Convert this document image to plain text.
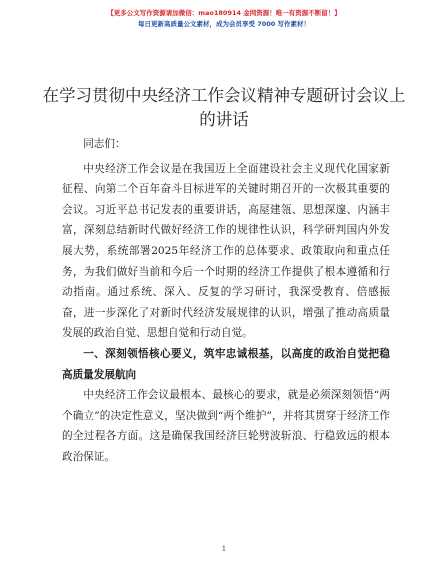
【更多公文写作资源请加微信：mao180914 金网资源！唯一有资源不断留！】
每日更新高质量公文素材，成为会员享受 7000 写作素材！
在学习贯彻中央经济工作会议精神专题研讨会议上的讲话

同志们：

中央经济工作会议是在我国迈上全面建设社会主义现代化国家新征程、向第二个百年奋斗目标进军的关键时期召开的一次极其重要的会议。习近平总书记发表的重要讲话，高屋建瓴、思想深邃、内涵丰富，深刻总结新时代做好经济工作的规律性认识，科学研判国内外发展大势，系统部署2025年经济工作的总体要求、政策取向和重点任务，为我们做好当前和今后一个时期的经济工作提供了根本遵循和行动指南。通过系统、深入、反复的学习研讨，我深受教育、倍感振奋，进一步深化了对新时代经济发展规律的认识，增强了推动高质量发展的政治自觉、思想自觉和行动自觉。

一、深刻领悟核心要义，筑牢忠诚根基，以高度的政治自觉把稳高质量发展航向

中央经济工作会议最根本、最核心的要求，就是必须深刻领悟“两个确立”的决定性意义，坚决做到“两个维护”，并将其贯穿于经济工作的全过程各方面。这是确保我国经济巨轮劈波斩浪、行稳致远的根本政治保证。

1
